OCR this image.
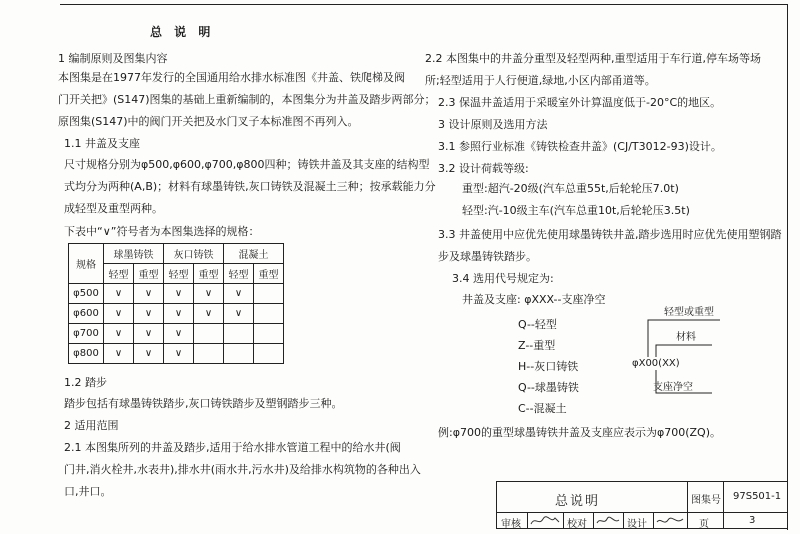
总 说 明
1 编制原则及图集内容
本图集是在1977年发行的全国通用给水排水标准图《井盖、铁爬梯及阀
门开关把》(S147)图集的基础上重新编制的，本图集分为井盖及踏步两部分；
原图集(S147)中的阀门开关把及水门叉子本标准图不再列入。
1.1 井盖及支座
尺寸规格分别为φ500,φ600,φ700,φ800四种；铸铁井盖及其支座的结构型
式均分为两种(A,B)；材料有球墨铸铁,灰口铸铁及混凝土三种；按承载能力分
成轻型及重型两种。
下表中“∨”符号者为本图集选择的规格：
规格	球墨铸铁		灰口铸铁		混凝土	
	轻型	重型	轻型	重型	轻型	重型
φ500	∨	∨	∨	∨	∨	
φ600	∨	∨	∨	∨	∨	
φ700	∨	∨	∨			
φ800	∨	∨	∨			
1.2 踏步
踏步包括有球墨铸铁踏步,灰口铸铁踏步及塑钢踏步三种。
2 适用范围
2.1 本图集所列的井盖及踏步,适用于给水排水管道工程中的给水井(阀
门井,消火栓井,水表井),排水井(雨水井,污水井)及给排水构筑物的各种出入
口,井口。
2.2 本图集中的井盖分重型及轻型两种,重型适用于车行道,停车场等场
所;轻型适用于人行便道,绿地,小区内部甬道等。
2.3 保温井盖适用于采暖室外计算温度低于-20°C的地区。
3 设计原则及选用方法
3.1 参照行业标准《铸铁检查井盖》(CJ/T3012-93)设计。
3.2 设计荷载等级:
重型:超汽-20级(汽车总重55t,后轮轮压7.0t)
轻型:汽-10级主车(汽车总重10t,后轮轮压3.5t)
3.3 井盖使用中应优先使用球墨铸铁井盖,踏步选用时应优先使用塑钢踏
步及球墨铸铁踏步。
3.4 选用代号规定为:
井盖及支座: φXXX--支座净空
Q--轻型
Z--重型
H--灰口铸铁
Q--球墨铸铁
C--混凝土
轻型或重型
材料
φX00(XX)
支座净空
例:φ700的重型球墨铸铁井盖及支座应表示为φ700(ZQ)。
总说明	图集号 97S501-1
审核	校对	设计	页	3
